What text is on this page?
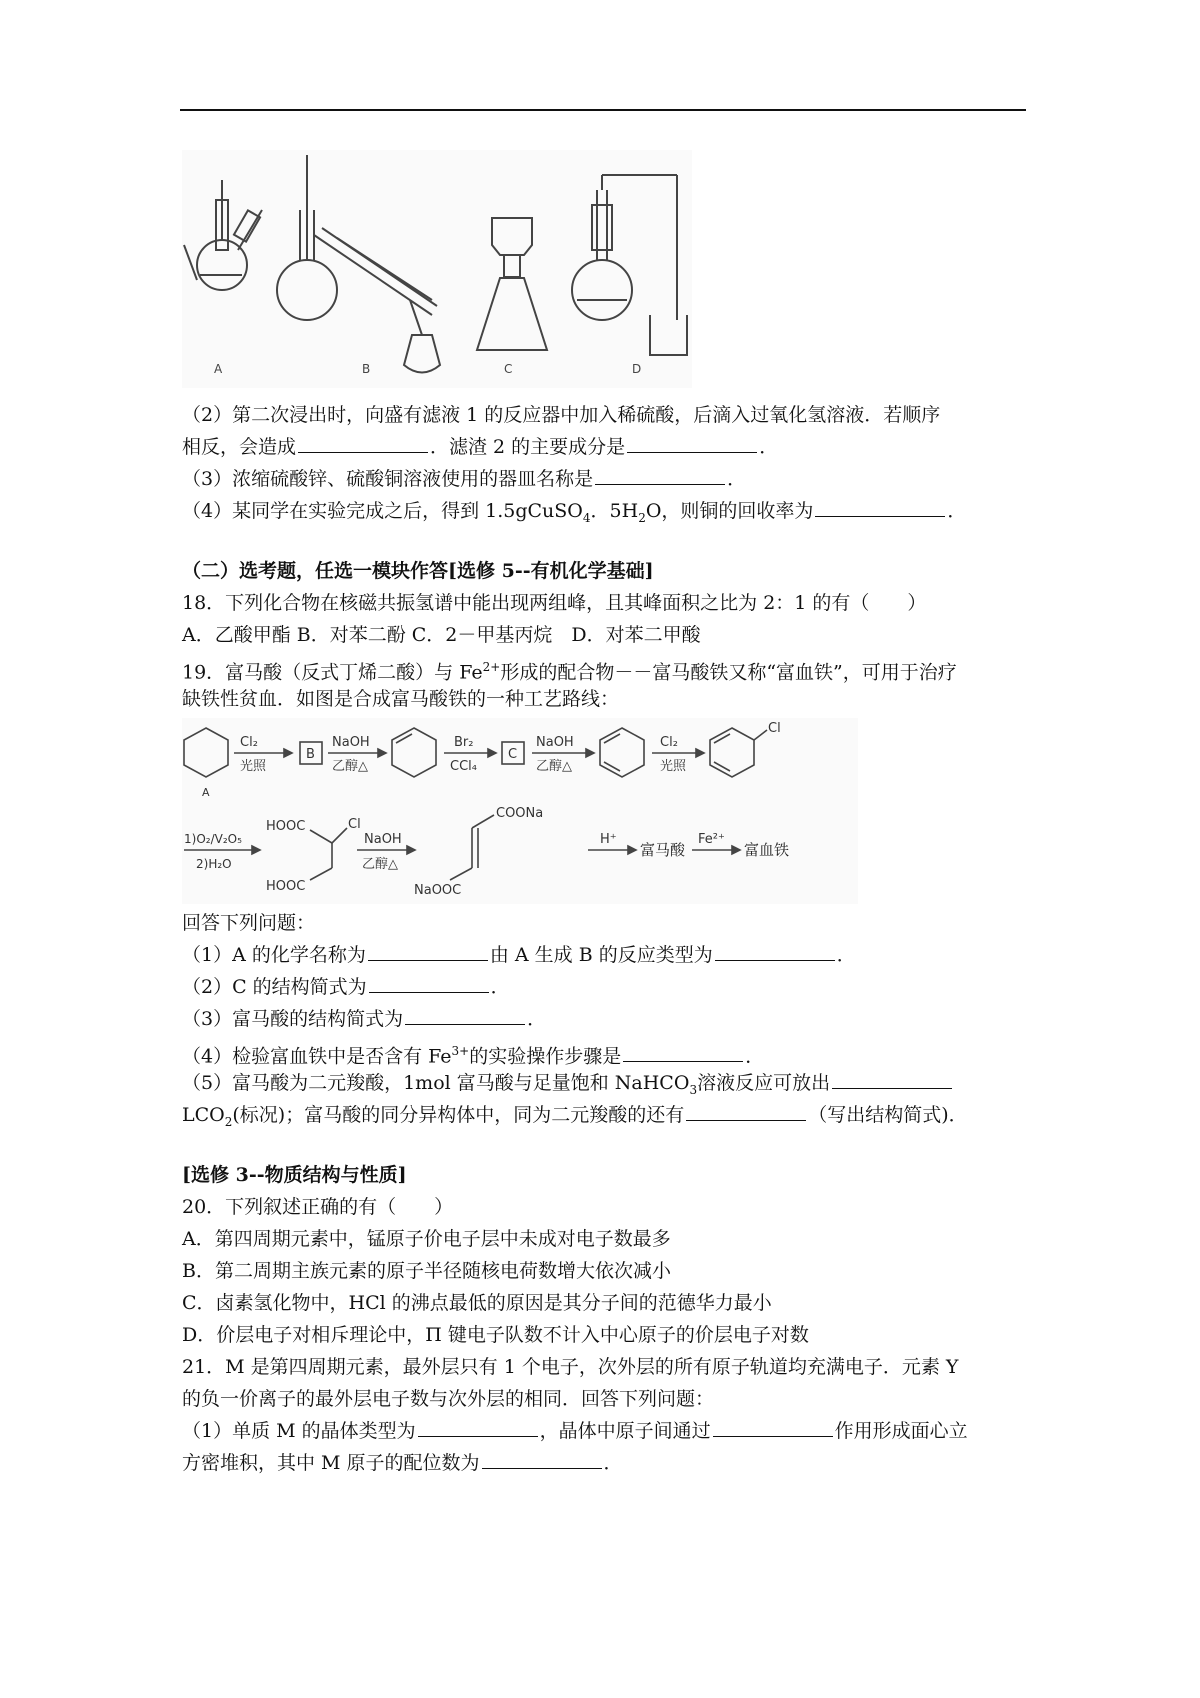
A	B	C	D
（2）第二次浸出时，向盛有滤液 1 的反应器中加入稀硫酸，后滴入过氧化氢溶液．若顺序
相反，会造成	．滤渣 2 的主要成分是	．
（3）浓缩硫酸锌、硫酸铜溶液使用的器皿名称是	．
（4）某同学在实验完成之后，得到 1.5gCuSO$_4$．$5H_2O$，则铜的回收率为	．
（二）选考题，任选一模块作答[选修 5--有机化学基础]
18．下列化合物在核磁共振氢谱中能出现两组峰，且其峰面积之比为 2：1 的有（　　）
A．乙酸甲酯 B．对苯二酚 C．2－甲基丙烷　D．对苯二甲酸
19．富马酸（反式丁烯二酸）与 $Fe^{2+}$形成的配合物－－富马酸铁又称“富血铁”，可用于治疗
缺铁性贫血．如图是合成富马酸铁的一种工艺路线：
Cl₂
光照
B
NaOH
乙醇△
Br₂
CCl₄
C
NaOH
乙醇△
Cl₂
光照
Cl
A
1)O₂/V₂O₅
2)H₂O
HOOC
HOOC
Cl
NaOH
乙醇△
COONa
NaOOC
H⁺
富马酸
Fe²⁺
富血铁
回答下列问题：
（1）A 的化学名称为	由 A 生成 B 的反应类型为	．
（2）C 的结构简式为	．
（3）富马酸的结构简式为	．
（4）检验富血铁中是否含有 $Fe^{3+}$的实验操作步骤是	．
（5）富马酸为二元羧酸，1mol 富马酸与足量饱和 NaHCO$_3$溶液反应可放出
$LCO_2$(标况)；富马酸的同分异构体中，同为二元羧酸的还有	（写出结构简式)．
[选修 3--物质结构与性质]
20．下列叙述正确的有（　　）
A．第四周期元素中，锰原子价电子层中未成对电子数最多
B．第二周期主族元素的原子半径随核电荷数增大依次减小
C．卤素氢化物中，HCl 的沸点最低的原因是其分子间的范德华力最小
D．价层电子对相斥理论中，Π 键电子队数不计入中心原子的价层电子对数
21．M 是第四周期元素，最外层只有 1 个电子，次外层的所有原子轨道均充满电子．元素 Y
的负一价离子的最外层电子数与次外层的相同．回答下列问题：
（1）单质 M 的晶体类型为	，晶体中原子间通过	作用形成面心立
方密堆积，其中 M 原子的配位数为	．
